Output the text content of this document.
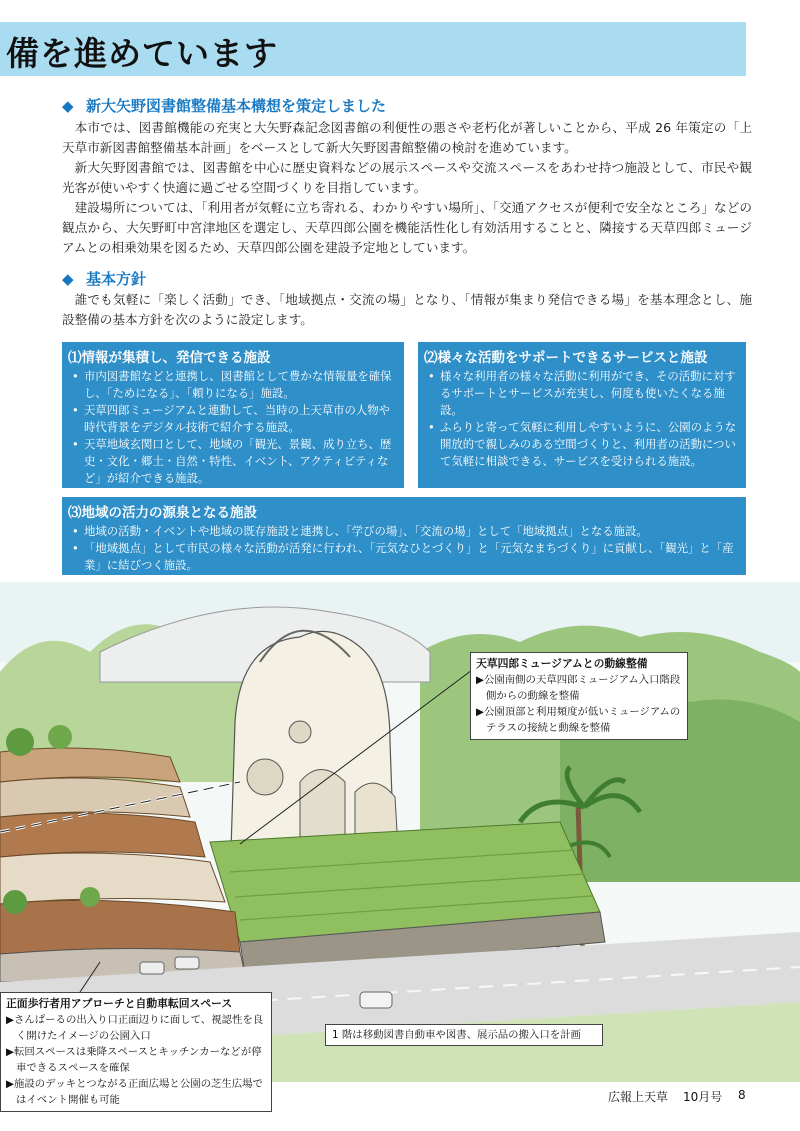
備を進めています
◆ 新大矢野図書館整備基本構想を策定しました

本市では、図書館機能の充実と大矢野森記念図書館の利便性の悪さや老朽化が著しいことから、平成 26 年策定の「上天草市新図書館整備基本計画」をベースとして新大矢野図書館整備の検討を進めています。

新大矢野図書館では、図書館を中心に歴史資料などの展示スペースや交流スペースをあわせ持つ施設として、市民や観光客が使いやすく快適に過ごせる空間づくりを目指しています。

建設場所については、「利用者が気軽に立ち寄れる、わかりやすい場所」、「交通アクセスが便利で安全なところ」などの観点から、大矢野町中宮津地区を選定し、天草四郎公園を機能活性化し有効活用することと、隣接する天草四郎ミュージアムとの相乗効果を図るため、天草四郎公園を建設予定地としています。

◆ 基本方針

誰でも気軽に「楽しく活動」でき、「地域拠点・交流の場」となり、「情報が集まり発信できる場」を基本理念とし、施設整備の基本方針を次のように設定します。

⑴情報が集積し、発信できる施設
• 市内図書館などと連携し、図書館として豊かな情報量を確保し、「ためになる」、「頼りになる」施設。
• 天草四郎ミュージアムと連動して、当時の上天草市の人物や時代背景をデジタル技術で紹介する施設。
• 天草地域玄関口として、地域の「観光、景観、成り立ち、歴史・文化・郷土・自然・特性、イベント、アクティビティなど」が紹介できる施設。
⑵様々な活動をサポートできるサービスと施設
• 様々な利用者の様々な活動に利用ができ、その活動に対するサポートとサービスが充実し、何度も使いたくなる施設。
• ふらりと寄って気軽に利用しやすいように、公園のような開放的で親しみのある空間づくりと、利用者の活動について気軽に相談できる、サービスを受けられる施設。
⑶地域の活力の源泉となる施設
• 地域の活動・イベントや地域の既存施設と連携し、「学びの場」、「交流の場」として「地域拠点」となる施設。
• 「地域拠点」として市民の様々な活動が活発に行われ、「元気なひとづくり」と「元気なまちづくり」に貢献し、「観光」と「産業」に結びつく施設。
天草四郎ミュージアムとの動線整備
▶公園南側の天草四郎ミュージアム入口階段側からの動線を整備
▶公園頂部と利用頻度が低いミュージアムのテラスの接続と動線を整備
正面歩行者用アプローチと自動車転回スペース
▶さんぱーるの出入り口正面辺りに面して、視認性を良く開けたイメージの公園入口
▶転回スペースは乗降スペースとキッチンカーなどが停車できるスペースを確保
▶施設のデッキとつながる正面広場と公園の芝生広場ではイベント開催も可能
1 階は移動図書自動車や図書、展示品の搬入口を計画
広報上天草 10月号 8
